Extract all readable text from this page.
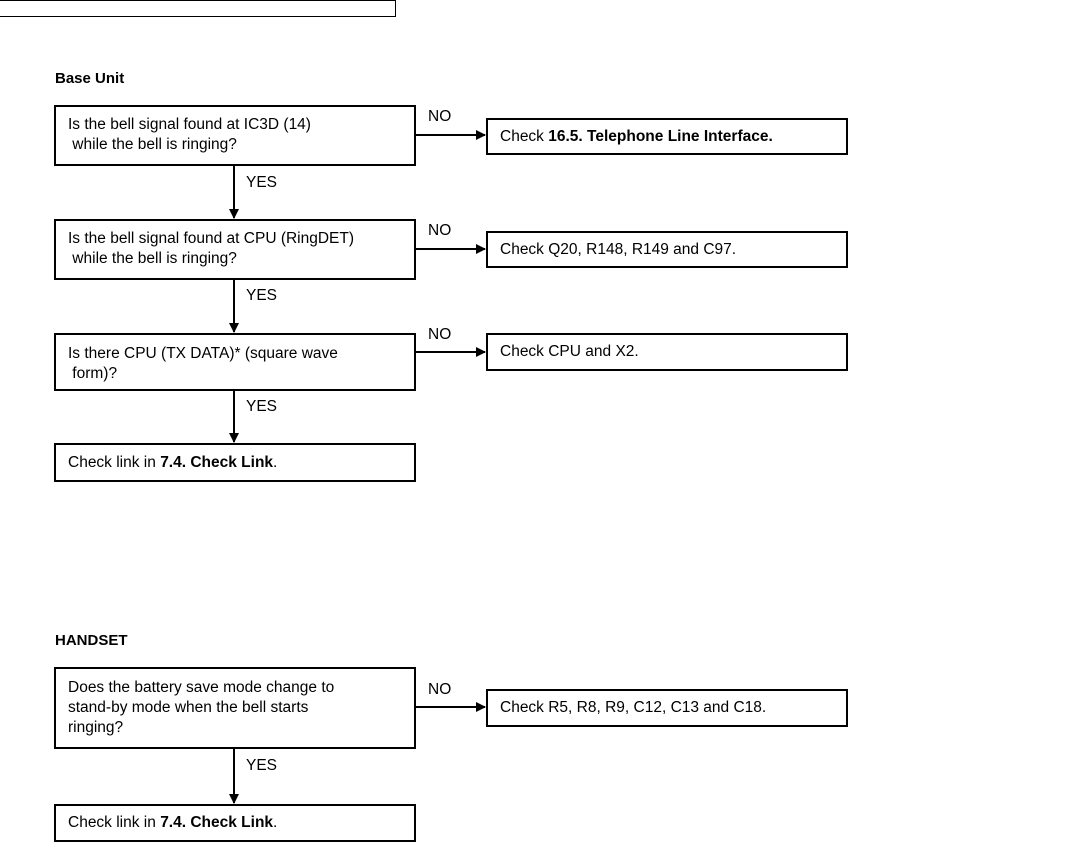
Base Unit
Is the bell signal found at IC3D (14)
while the bell is ringing?
NO
Check 16.5. Telephone Line Interface.
YES
Is the bell signal found at CPU (RingDET)
while the bell is ringing?
NO
Check Q20, R148, R149 and C97.
YES
Is there CPU (TX DATA)* (square wave
form)?
NO
Check CPU and X2.
YES
Check link in 7.4. Check Link.
HANDSET
Does the battery save mode change to
stand-by mode when the bell starts
ringing?
NO
Check R5, R8, R9, C12, C13 and C18.
YES
Check link in 7.4. Check Link.
